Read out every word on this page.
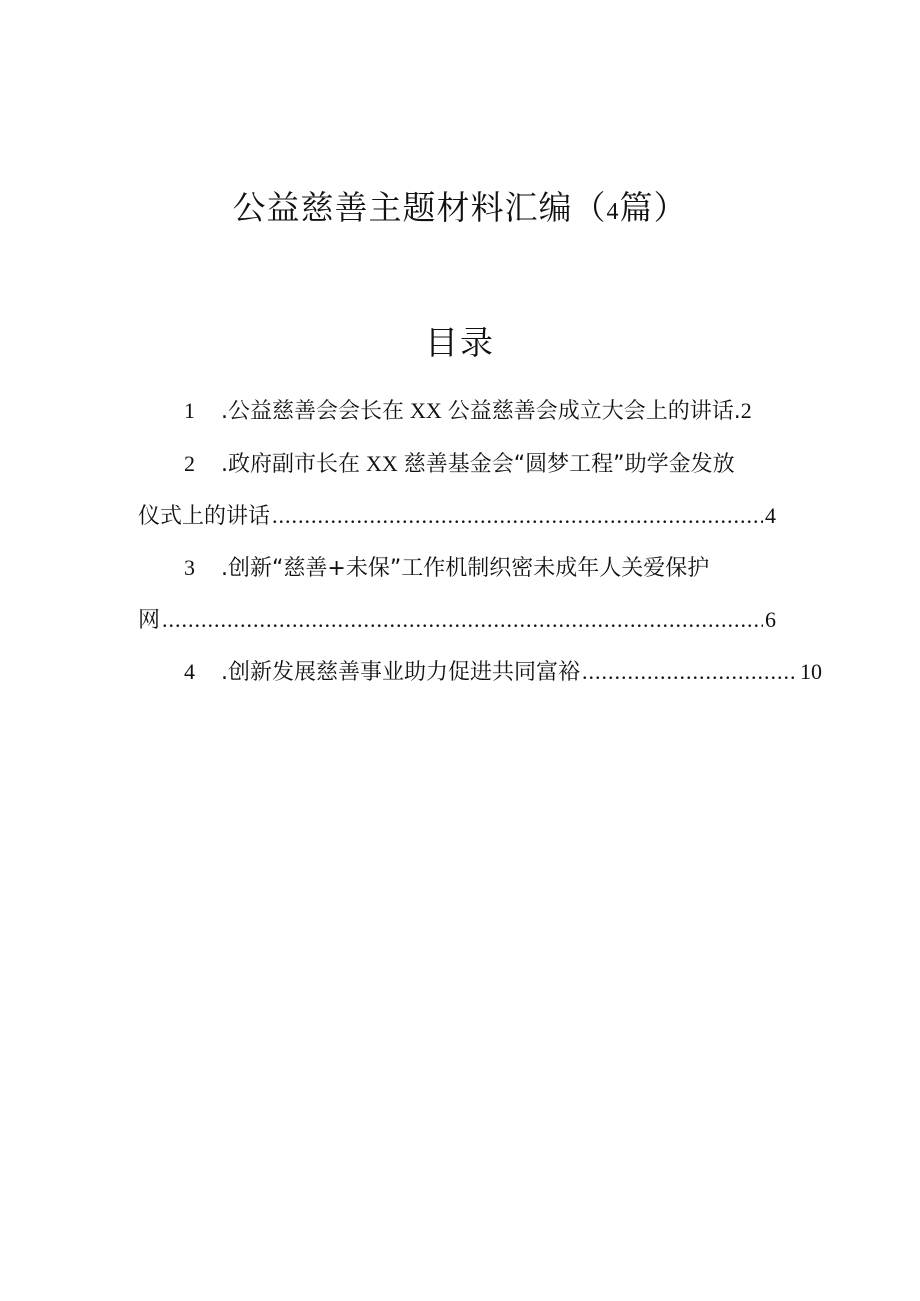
公益慈善主题材料汇编（4篇）
目录
1 .公益慈善会会长在 XX 公益慈善会成立大会上的讲话.2
2 .政府副市长在 XX 慈善基金会“圆梦工程”助学金发放
仪式上的讲话 .....	4
3 .创新“慈善+未保”工作机制织密未成年人关爱保护
网 .....	6
4 .创新发展慈善事业助力促进共同富裕 .....	10
